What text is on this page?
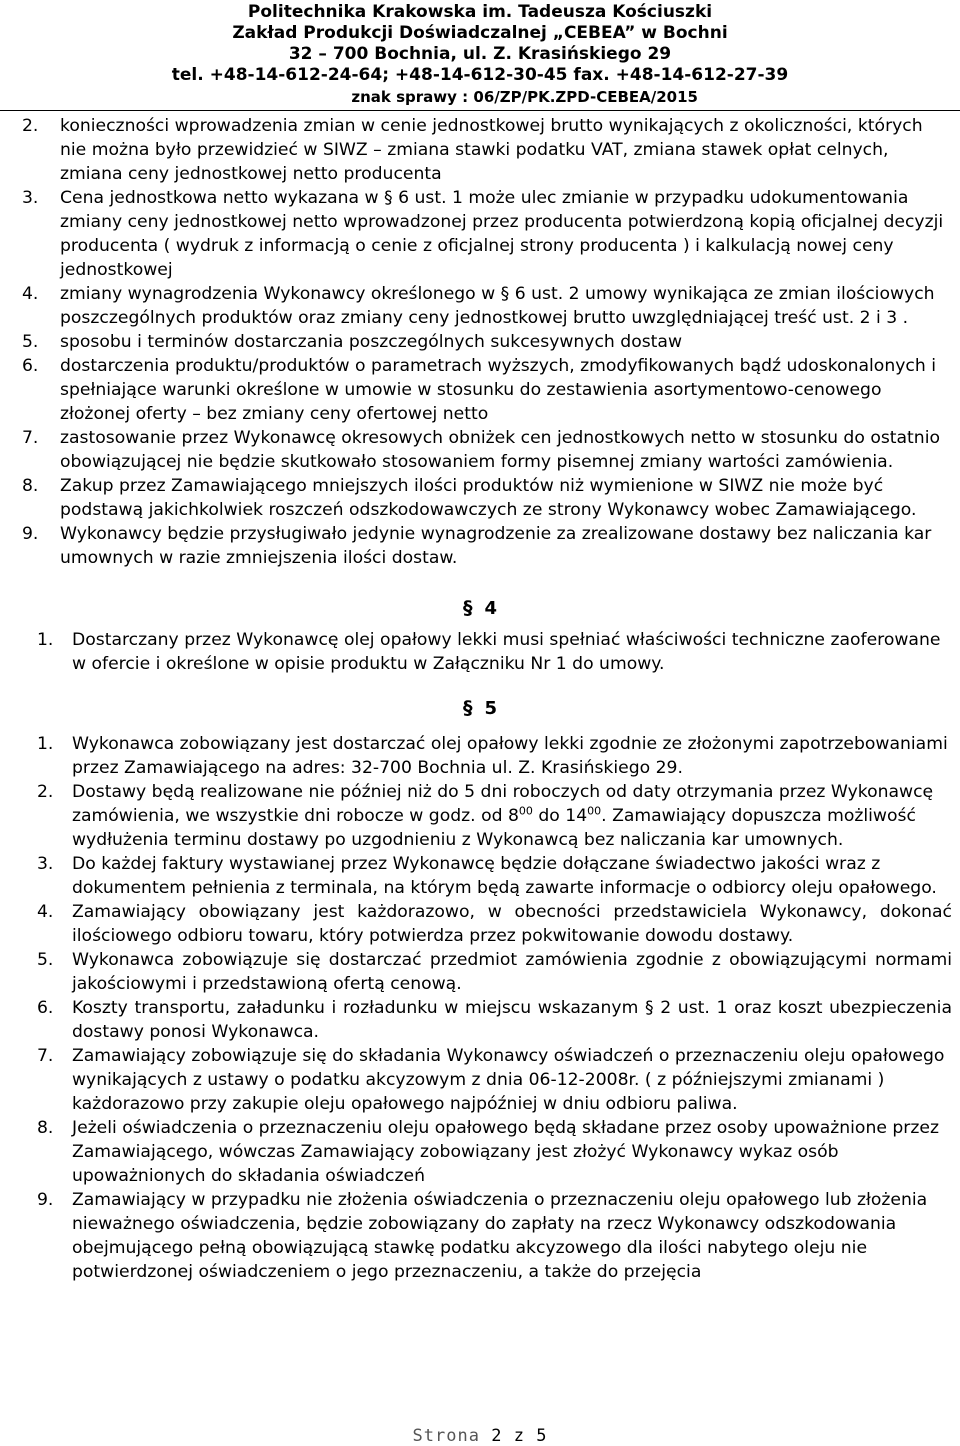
Politechnika Krakowska im. Tadeusza Kościuszki
Zakład Produkcji Doświadczalnej „CEBEA” w Bochni
32 – 700 Bochnia, ul. Z. Krasińskiego 29
tel. +48-14-612-24-64; +48-14-612-30-45 fax. +48-14-612-27-39
znak sprawy : 06/ZP/PK.ZPD-CEBEA/2015
2. konieczności wprowadzenia zmian w cenie jednostkowej brutto wynikających z okoliczności, których nie można było przewidzieć w SIWZ – zmiana stawki podatku VAT, zmiana stawek opłat celnych, zmiana ceny jednostkowej netto producenta
3. Cena jednostkowa netto wykazana w § 6 ust. 1 może ulec zmianie w przypadku udokumentowania zmiany ceny jednostkowej netto wprowadzonej przez producenta potwierdzoną kopią oficjalnej decyzji producenta ( wydruk z informacją o cenie z oficjalnej strony producenta ) i kalkulacją nowej ceny jednostkowej
4. zmiany wynagrodzenia Wykonawcy określonego w § 6 ust. 2 umowy wynikająca ze zmian ilościowych poszczególnych produktów oraz zmiany ceny jednostkowej brutto uwzględniającej treść ust. 2 i 3 .
5. sposobu i terminów dostarczania poszczególnych sukcesywnych dostaw
6. dostarczenia produktu/produktów o parametrach wyższych, zmodyfikowanych bądź udoskonalonych i spełniające warunki określone w umowie w stosunku do zestawienia asortymentowo-cenowego złożonej oferty – bez zmiany ceny ofertowej netto
7. zastosowanie przez Wykonawcę okresowych obniżek cen jednostkowych netto w stosunku do ostatnio obowiązującej nie będzie skutkowało stosowaniem formy pisemnej zmiany wartości zamówienia.
8. Zakup przez Zamawiającego mniejszych ilości produktów niż wymienione w SIWZ nie może być podstawą jakichkolwiek roszczeń odszkodowawczych ze strony Wykonawcy wobec Zamawiającego.
9. Wykonawcy będzie przysługiwało jedynie wynagrodzenie za zrealizowane dostawy bez naliczania kar umownych w razie zmniejszenia ilości dostaw.
§ 4
1. Dostarczany przez Wykonawcę olej opałowy lekki musi spełniać właściwości techniczne zaoferowane w ofercie i określone w opisie produktu w Załączniku Nr 1 do umowy.
§ 5
1. Wykonawca zobowiązany jest dostarczać olej opałowy lekki zgodnie ze złożonymi zapotrzebowaniami przez Zamawiającego na adres: 32-700 Bochnia ul. Z. Krasińskiego 29.
2. Dostawy będą realizowane nie później niż do 5 dni roboczych od daty otrzymania przez Wykonawcę zamówienia, we wszystkie dni robocze w godz. od $8^{00}$ do $14^{00}$. Zamawiający dopuszcza możliwość wydłużenia terminu dostawy po uzgodnieniu z Wykonawcą bez naliczania kar umownych.
3. Do każdej faktury wystawianej przez Wykonawcę będzie dołączane świadectwo jakości wraz z dokumentem pełnienia z terminala, na którym będą zawarte informacje o odbiorcy oleju opałowego.
4. Zamawiający obowiązany jest każdorazowo, w obecności przedstawiciela Wykonawcy, dokonać ilościowego odbioru towaru, który potwierdza przez pokwitowanie dowodu dostawy.
5. Wykonawca zobowiązuje się dostarczać przedmiot zamówienia zgodnie z obowiązującymi normami jakościowymi i przedstawioną ofertą cenową.
6. Koszty transportu, załadunku i rozładunku w miejscu wskazanym § 2 ust. 1 oraz koszt ubezpieczenia dostawy ponosi Wykonawca.
7. Zamawiający zobowiązuje się do składania Wykonawcy oświadczeń o przeznaczeniu oleju opałowego wynikających z ustawy o podatku akcyzowym z dnia 06-12-2008r. ( z późniejszymi zmianami ) każdorazowo przy zakupie oleju opałowego najpóźniej w dniu odbioru paliwa.
8. Jeżeli oświadczenia o przeznaczeniu oleju opałowego będą składane przez osoby upoważnione przez Zamawiającego, wówczas Zamawiający zobowiązany jest złożyć Wykonawcy wykaz osób upoważnionych do składania oświadczeń
9. Zamawiający w przypadku nie złożenia oświadczenia o przeznaczeniu oleju opałowego lub złożenia nieważnego oświadczenia, będzie zobowiązany do zapłaty na rzecz Wykonawcy odszkodowania obejmującego pełną obowiązującą stawkę podatku akcyzowego dla ilości nabytego oleju nie potwierdzonej oświadczeniem o jego przeznaczeniu, a także do przejęcia
Strona 2 z 5
